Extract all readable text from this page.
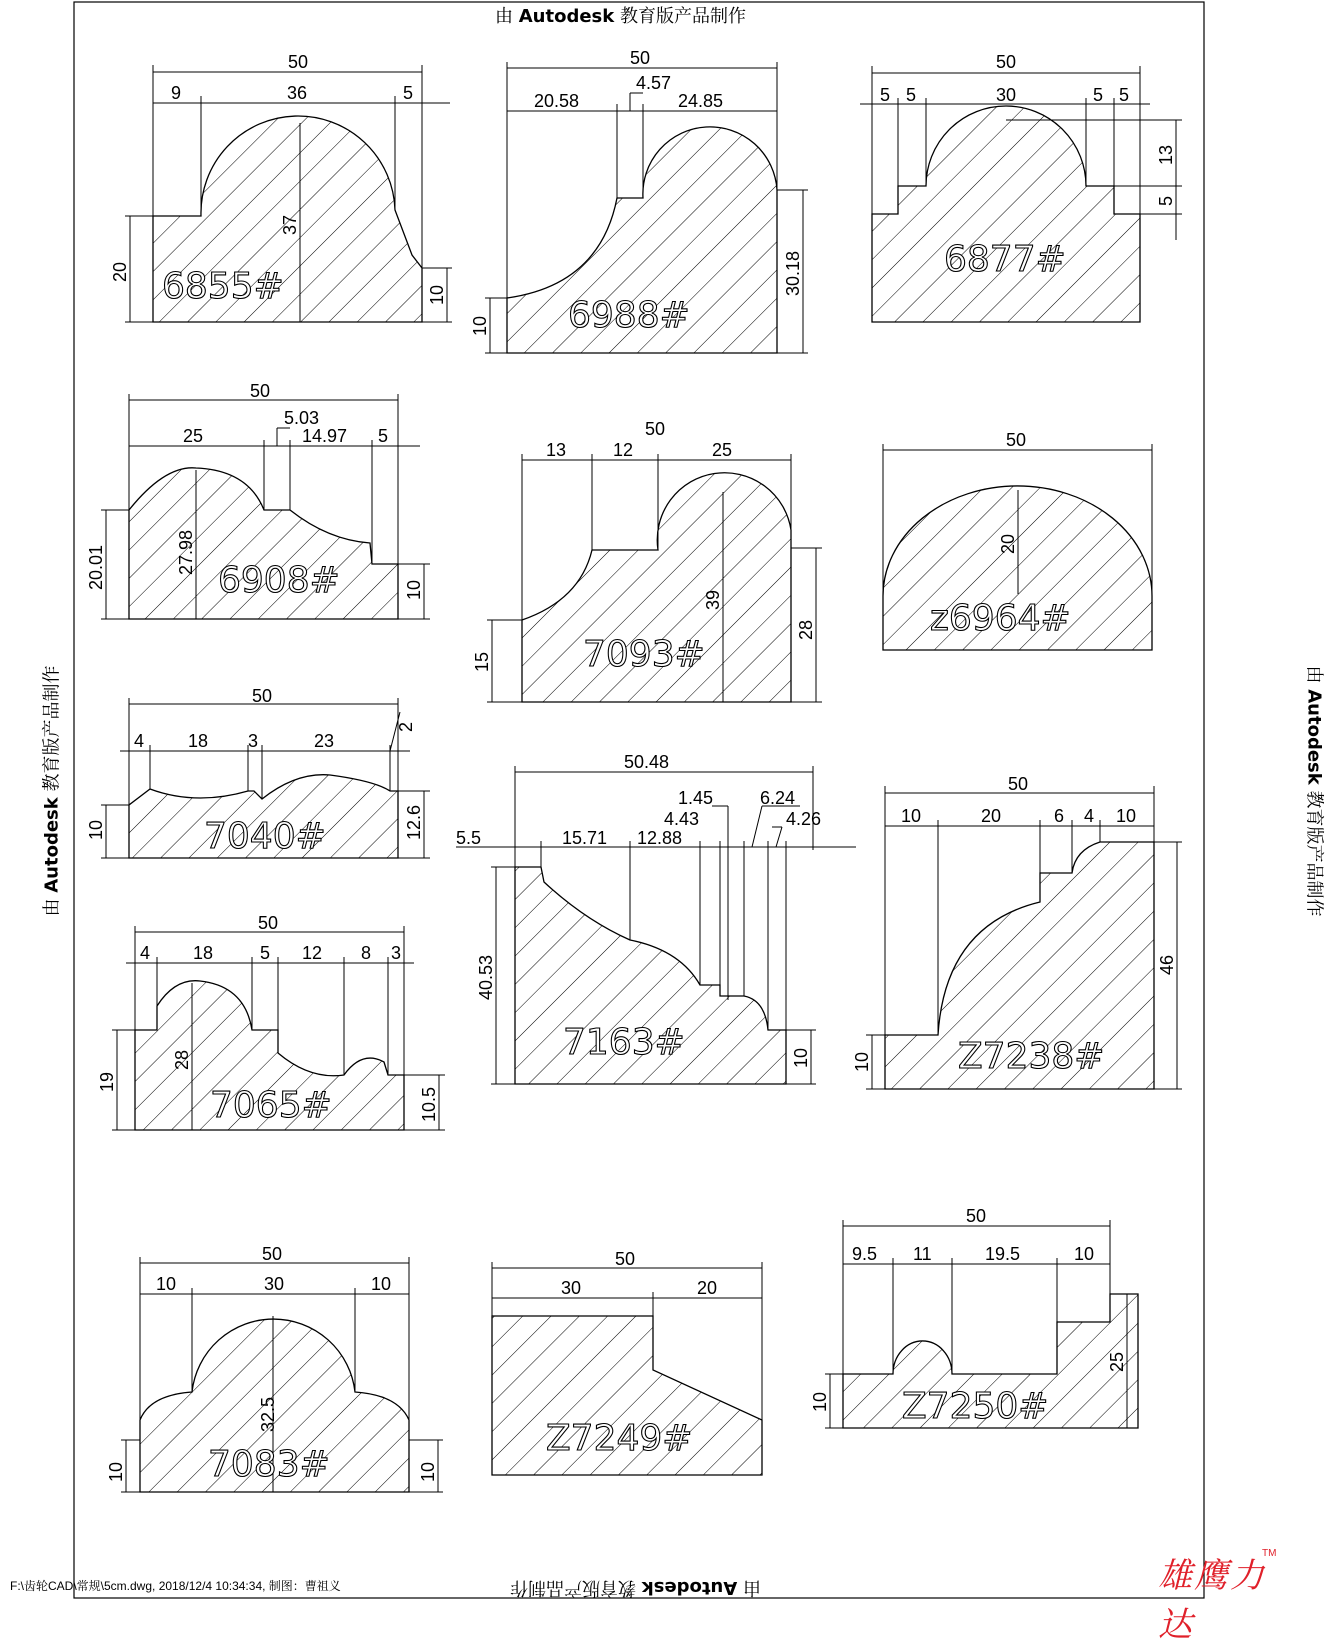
50
9	36	5
37
20
10
6855#
50
4.57
20.58	24.85
30.18
10 6988#
50
5 5	30	5 5
13
5
6877#
50
25
5.03
14.97 5
27.98
20.01	10
6908#
50
13	12	25
39
28
15	7093#
50
20
z6964#
50
4 18 3	23
2
10	12.6
7040#
50.48
1.45	6.24
4.43	4.26
5.5	15.71 12.88
40.53
10
7163#
50
10	20	6 4 10
46
10 Z7238#
50
4 18	5 12 8 3
28
19
10.5
7065#
50
10	30	10
32.5
10	10
7083#
50
30	20
Z7249#
50
9.5 11	19.5	10
25
10 Z7250#
由 Autodesk 教育版产品制作
由 Autodesk 教育版产品制作
由 Autodesk 教育版产品制作	由 Autodesk 教育版产品制作
F:\齿轮CAD\常规\5cm.dwg, 2018/12/4 10:34:34, 制图：曹祖义	雄鹰力达
TM
